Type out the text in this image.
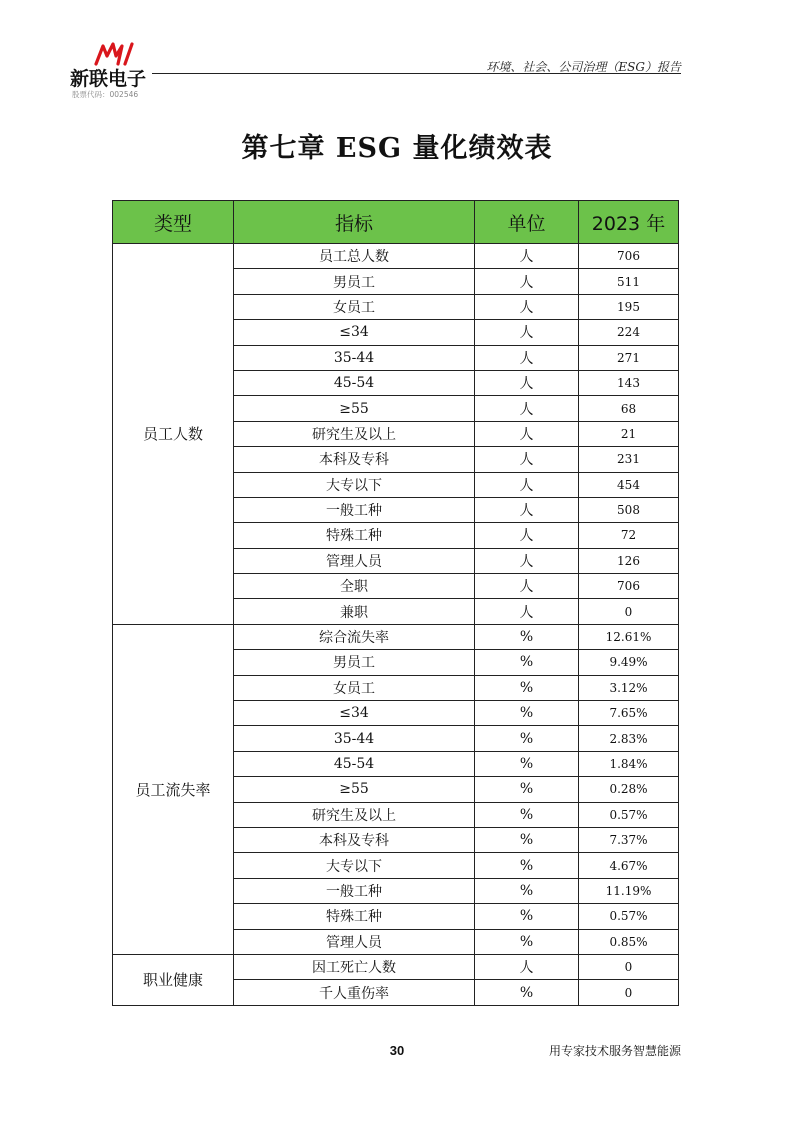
新联电子
股票代码：002546
环境、社会、公司治理（ESG）报告
第七章 ESG 量化绩效表
类型	指标	单位	2023 年
员工人数	员工总人数	人	706
	男员工	人	511
	女员工	人	195
	≤34	人	224
	35-44	人	271
	45-54	人	143
	≥55	人	68
	研究生及以上	人	21
	本科及专科	人	231
	大专以下	人	454
	一般工种	人	508
	特殊工种	人	72
	管理人员	人	126
	全职	人	706
	兼职	人	0
员工流失率	综合流失率	%	12.61%
	男员工	%	9.49%
	女员工	%	3.12%
	≤34	%	7.65%
	35-44	%	2.83%
	45-54	%	1.84%
	≥55	%	0.28%
	研究生及以上	%	0.57%
	本科及专科	%	7.37%
	大专以下	%	4.67%
	一般工种	%	11.19%
	特殊工种	%	0.57%
	管理人员	%	0.85%
职业健康	因工死亡人数	人	0
	千人重伤率	%	0
30	用专家技术服务智慧能源
